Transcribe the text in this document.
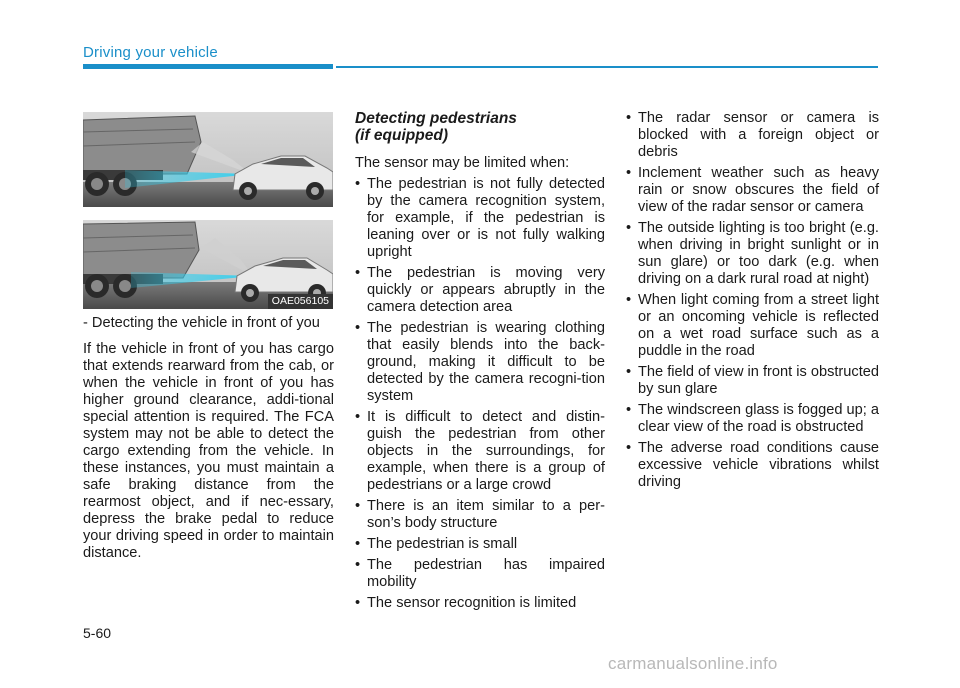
Driving your vehicle
OAE056105

- Detecting the vehicle in front of you

If the vehicle in front of you has cargo that extends rearward from the cab, or when the vehicle in front of you has higher ground clearance, addi-tional special attention is required. The FCA system may not be able to detect the cargo extending from the vehicle. In these instances, you must maintain a safe braking distance from the rearmost object, and if nec-essary, depress the brake pedal to reduce your driving speed in order to maintain distance.

Detecting pedestrians
(if equipped)

The sensor may be limited when:

• The pedestrian is not fully detected by the camera recognition system, for example, if the pedestrian is leaning over or is not fully walking upright
• The pedestrian is moving very quickly or appears abruptly in the camera detection area
• The pedestrian is wearing clothing that easily blends into the back-ground, making it difficult to be detected by the camera recogni-tion system
• It is difficult to detect and distin-guish the pedestrian from other objects in the surroundings, for example, when there is a group of pedestrians or a large crowd
• There is an item similar to a per-son’s body structure
• The pedestrian is small
• The pedestrian has impaired mobility
• The sensor recognition is limited
• The radar sensor or camera is blocked with a foreign object or debris
• Inclement weather such as heavy rain or snow obscures the field of view of the radar sensor or camera
• The outside lighting is too bright (e.g. when driving in bright sunlight or in sun glare) or too dark (e.g. when driving on a dark rural road at night)
• When light coming from a street light or an oncoming vehicle is reflected on a wet road surface such as a puddle in the road
• The field of view in front is obstructed by sun glare
• The windscreen glass is fogged up; a clear view of the road is obstructed
• The adverse road conditions cause excessive vehicle vibrations whilst driving
5-60
carmanualsonline.info
